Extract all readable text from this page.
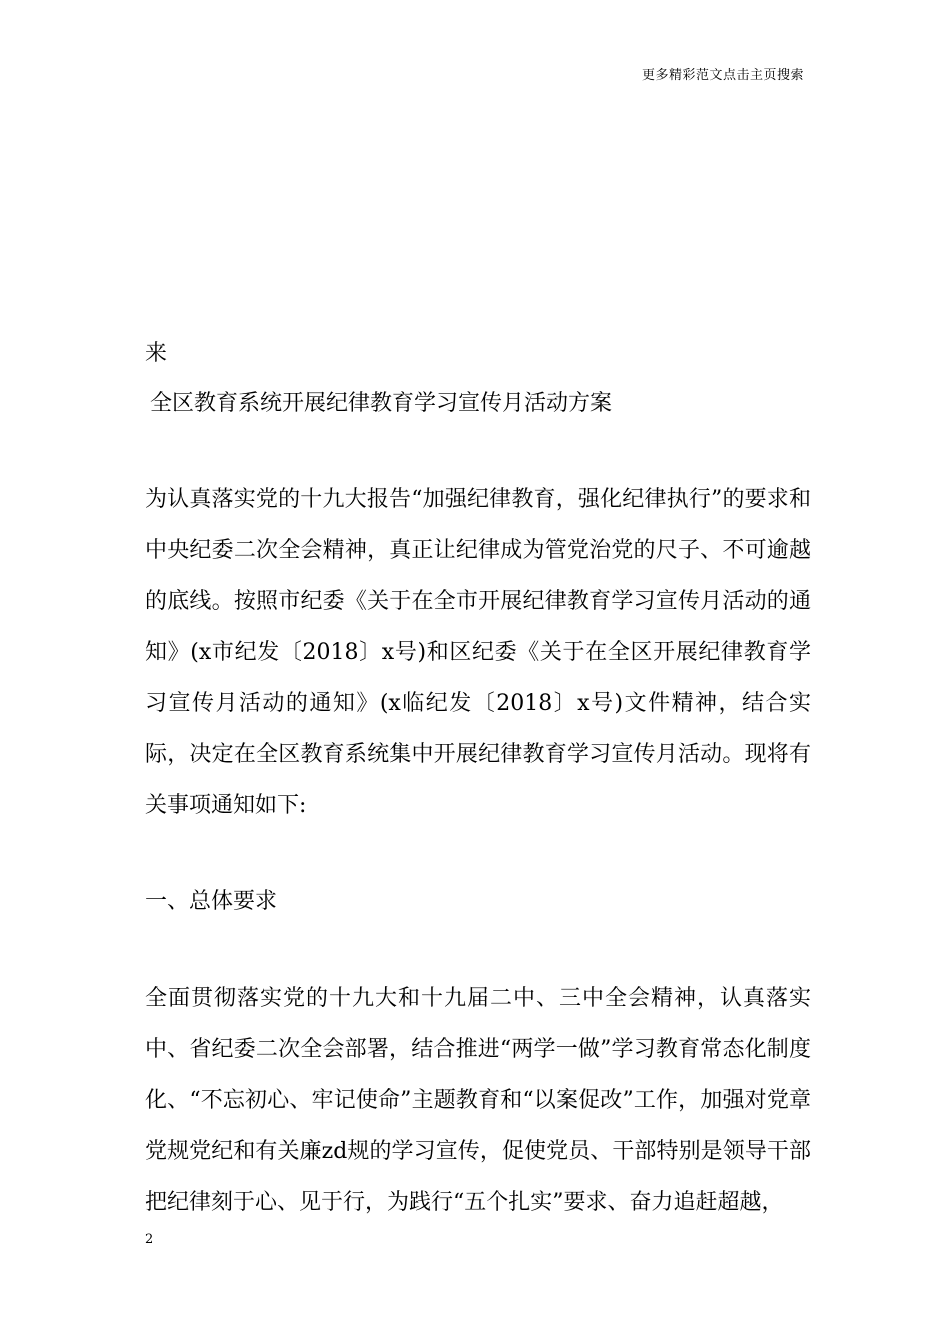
更多精彩范文点击主页搜索
来
全区教育系统开展纪律教育学习宣传月活动方案

为认真落实党的十九大报告“加强纪律教育，强化纪律执行”的要求和中央纪委二次全会精神，真正让纪律成为管党治党的尺子、不可逾越的底线。按照市纪委《关于在全市开展纪律教育学习宣传月活动的通知》(x市纪发〔2018〕x号)和区纪委《关于在全区开展纪律教育学习宣传月活动的通知》(x临纪发〔2018〕x号)文件精神，结合实际，决定在全区教育系统集中开展纪律教育学习宣传月活动。现将有关事项通知如下:

一、总体要求

全面贯彻落实党的十九大和十九届二中、三中全会精神，认真落实中、省纪委二次全会部署，结合推进“两学一做”学习教育常态化制度化、“不忘初心、牢记使命”主题教育和“以案促改”工作，加强对党章党规党纪和有关廉zd规的学习宣传，促使党员、干部特别是领导干部把纪律刻于心、见于行，为践行“五个扎实”要求、奋力追赶超越，

2
